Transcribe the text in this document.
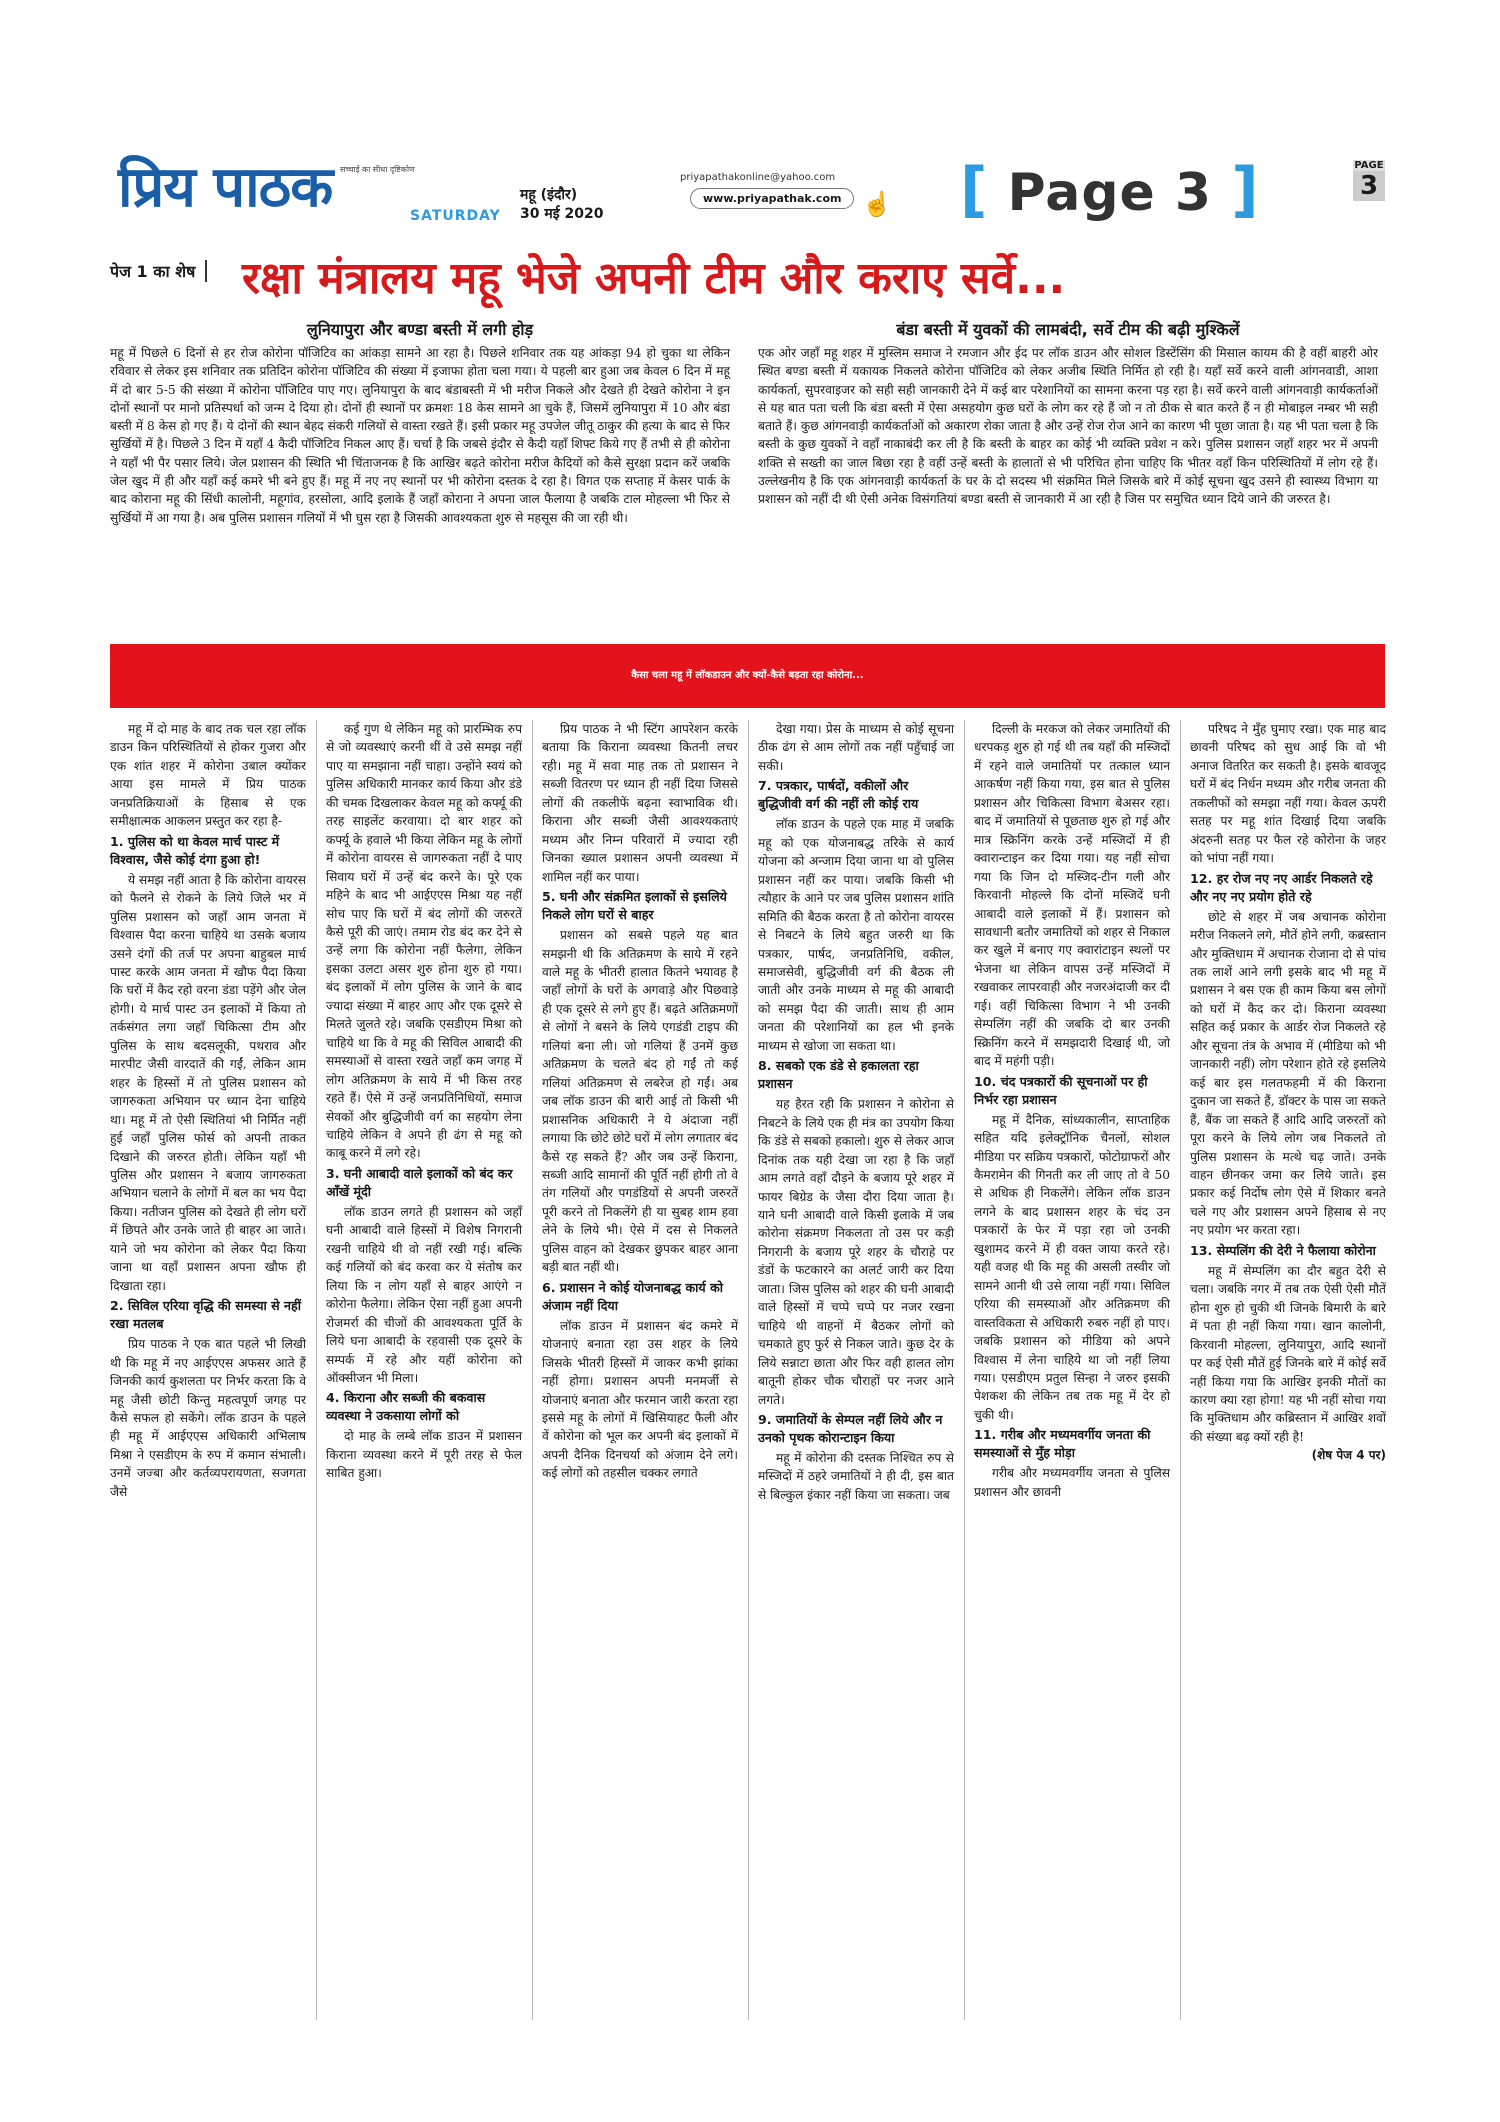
प्रिय पाठक सच्चाई का सीधा दृष्टिकोण
SATURDAY
महू (इंदौर)
30 मई 2020
priyapathakonline@yahoo.com
www.priyapathak.com ☝ [ Page 3 ]	PAGE
3
पेज 1 का शेष रक्षा मंत्रालय महू भेजे अपनी टीम और कराए सर्वे...
लुनियापुरा और बण्डा बस्ती में लगी होड़
महू में पिछले 6 दिनों से हर रोज कोरोना पॉजिटिव का आंकड़ा सामने आ रहा है। पिछले शनिवार तक यह आंकड़ा 94 हो चुका था लेकिन रविवार से लेकर इस शनिवार तक प्रतिदिन कोरोना पॉजिटिव की संख्या में इजाफा होता चला गया। ये पहली बार हुआ जब केवल 6 दिन में महू में दो बार 5-5 की संख्या में कोरोना पॉजिटिव पाए गए। लुनियापुरा के बाद बंडाबस्ती में भी मरीज निकले और देखते ही देखते कोरोना ने इन दोनों स्थानों पर मानो प्रतिस्पर्धा को जन्म दे दिया हो। दोनों ही स्थानों पर क्रमशः 18 केस सामने आ चुके हैं, जिसमें लुनियापुरा में 10 और बंडा बस्ती में 8 केस हो गए हैं। ये दोनों की स्थान बेहद संकरी गलियों से वास्ता रखते हैं। इसी प्रकार महू उपजेल जीतू ठाकुर की हत्या के बाद से फिर सुर्खियों में है। पिछले 3 दिन में यहाँ 4 कैदी पॉजिटिव निकल आए हैं। चर्चा है कि जबसे इंदौर से कैदी यहाँ शिफ्ट किये गए हैं तभी से ही कोरोना ने यहाँ भी पैर पसार लिये। जेल प्रशासन की स्थिति भी चिंताजनक है कि आखिर बढ़ते कोरोना मरीज कैदियों को कैसे सुरक्षा प्रदान करें जबकि जेल खुद में ही और यहाँ कई कमरे भी बने हुए हैं। महू में नए नए स्थानों पर भी कोरोना दस्तक दे रहा है। विगत एक सप्ताह में केसर पार्क के बाद कोराना महू की सिंधी कालोनी, महूगांव, हरसोला, आदि इलाके हैं जहाँ कोराना ने अपना जाल फैलाया है जबकि टाल मोहल्ला भी फिर से सुर्खियों में आ गया है। अब पुलिस प्रशासन गलियों में भी घुस रहा है जिसकी आवश्यकता शुरु से महसूस की जा रही थी।
बंडा बस्ती में युवकों की लामबंदी, सर्वे टीम की बढ़ी मुश्किलें
एक ओर जहाँ महू शहर में मुस्लिम समाज ने रमजान और ईद पर लॉक डाउन और सोशल डिस्टेंसिंग की मिसाल कायम की है वहीं बाहरी ओर स्थित बण्डा बस्ती में यकायक निकलते कोरोना पॉजिटिव को लेकर अजीब स्थिति निर्मित हो रही है। यहाँ सर्वे करने वाली आंगनवाडी, आशा कार्यकर्ता, सुपरवाइजर को सही सही जानकारी देने में कई बार परेशानियों का सामना करना पड़ रहा है। सर्वे करने वाली आंगनवाड़ी कार्यकर्ताओं से यह बात पता चली कि बंडा बस्ती में ऐसा असहयोग कुछ घरों के लोग कर रहे हैं जो न तो ठीक से बात करते हैं न ही मोबाइल नम्बर भी सही बताते हैं। कुछ आंगनवाड़ी कार्यकर्ताओं को अकारण रोका जाता है और उन्हें रोज रोज आने का कारण भी पूछा जाता है। यह भी पता चला है कि बस्ती के कुछ युवकों ने वहाँ नाकाबंदी कर ली है कि बस्ती के बाहर का कोई भी व्यक्ति प्रवेश न करे। पुलिस प्रशासन जहाँ शहर भर में अपनी शक्ति से सख्ती का जाल बिछा रहा है वहीं उन्हें बस्ती के हालातों से भी परिचित होना चाहिए कि भीतर वहाँ किन परिस्थितियों में लोग रहे हैं। उल्लेखनीय है कि एक आंगनवाड़ी कार्यकर्ता के घर के दो सदस्य भी संक्रमित मिले जिसके बारे में कोई सूचना खुद उसने ही स्वास्थ्य विभाग या प्रशासन को नहीं दी थी ऐसी अनेक विसंगतियां बण्डा बस्ती से जानकारी में आ रही है जिस पर समुचित ध्यान दिये जाने की जरुरत है।
कैसा चला महू में लॉकडाउन और क्यों-कैसे बढ़ता रहा कोरोना...

महू में दो माह के बाद तक चल रहा लॉक डाउन किन परिस्थितियों से होकर गुजरा और एक शांत शहर में कोरोना उबाल क्योंकर आया इस मामले में प्रिय पाठक जनप्रतिक्रियाओं के हिसाब से एक समीक्षात्मक आकलन प्रस्तुत कर रहा है-

1. पुलिस को था केवल मार्च पास्ट में विश्वास, जैसे कोई दंगा हुआ हो!

ये समझ नहीं आता है कि कोरोना वायरस को फैलने से रोकने के लिये जिले भर में पुलिस प्रशासन को जहाँ आम जनता में विश्वास पैदा करना चाहिये था उसके बजाय उसने दंगों की तर्ज पर अपना बाहुबल मार्च पास्ट करके आम जनता में खौफ पैदा किया कि घरों में कैद रहो वरना डंडा पड़ेंगे और जेल होगी। ये मार्च पास्ट उन इलाकों में किया तो तर्कसंगत लगा जहाँ चिकित्सा टीम और पुलिस के साथ बदसलूकी, पथराव और मारपीट जैसी वारदातें की गईं, लेकिन आम शहर के हिस्सों में तो पुलिस प्रशासन को जागरुकता अभियान पर ध्यान देना चाहिये था। महू में तो ऐसी स्थितियां भी निर्मित नहीं हुई जहाँ पुलिस फोर्स को अपनी ताकत दिखाने की जरुरत होती। लेकिन यहाँ भी पुलिस और प्रशासन ने बजाय जागरुकता अभियान चलाने के लोगों में बल का भय पैदा किया। नतीजन पुलिस को देखते ही लोग घरों में छिपते और उनके जाते ही बाहर आ जाते। याने जो भय कोरोना को लेकर पैदा किया जाना था वहाँ प्रशासन अपना खौफ ही दिखाता रहा।

2. सिविल एरिया वृद्धि की समस्या से नहीं रखा मतलब

प्रिय पाठक ने एक बात पहले भी लिखी थी कि महू में नए आईएएस अफसर आते हैं जिनकी कार्य कुशलता पर निर्भर करता कि वे महू जैसी छोटी किन्तु महत्वपूर्ण जगह पर कैसे सफल हो सकेंगे। लॉक डाउन के पहले ही महू में आईएएस अधिकारी अभिलाष मिश्रा ने एसडीएम के रुप में कमान संभाली। उनमें जज्बा और कर्तव्यपरायणता, सजगता जैसे

कई गुण थे लेकिन महू को प्रारम्भिक रुप से जो व्यवस्थाएं करनी थीं वे उसे समझ नहीं पाए या समझाना नहीं चाहा। उन्होंने स्वयं को पुलिस अधिकारी मानकर कार्य किया और डंडे की चमक दिखलाकर केवल महू को कर्फ्यू की तरह साइलेंट करवाया। दो बार शहर को कर्फ्यू के हवाले भी किया लेकिन महू के लोगों में कोरोना वायरस से जागरुकता नहीं दे पाए सिवाय घरों में उन्हें बंद करने के। पूरे एक महिने के बाद भी आईएएस मिश्रा यह नहीं सोच पाए कि घरों में बंद लोगों की जरुरतें कैसे पूरी की जाएं। तमाम रोड बंद कर देने से उन्हें लगा कि कोरोना नहीं फैलेगा, लेकिन इसका उलटा असर शुरु होना शुरु हो गया। बंद इलाकों में लोग पुलिस के जाने के बाद ज्यादा संख्या में बाहर आए और एक दूसरे से मिलते जुलते रहे। जबकि एसडीएम मिश्रा को चाहिये था कि वे महू की सिविल आबादी की समस्याओं से वास्ता रखते जहाँ कम जगह में लोग अतिक्रमण के साये में भी किस तरह रहते हैं। ऐसे में उन्हें जनप्रतिनिधियों, समाज सेवकों और बुद्धिजीवी वर्ग का सहयोग लेना चाहिये लेकिन वे अपने ही ढंग से महू को काबू करने में लगे रहे।

3. घनी आबादी वाले इलाकों को बंद कर आँखें मूंदी

लॉक डाउन लगते ही प्रशासन को जहाँ घनी आबादी वाले हिस्सों में विशेष निगरानी रखनी चाहिये थी वो नहीं रखी गई। बल्कि कई गलियों को बंद करवा कर ये संतोष कर लिया कि न लोग यहाँ से बाहर आएंगे न कोरोना फैलेगा। लेकिन ऐसा नहीं हुआ अपनी रोजमर्रा की चीजों की आवश्यकता पूर्ति के लिये घना आबादी के रहवासी एक दूसरे के सम्पर्क में रहे और यहीं कोरोना को ऑक्सीजन भी मिला।

4. किराना और सब्जी की बकवास व्यवस्था ने उकसाया लोगों को

दो माह के लम्बे लॉक डाउन में प्रशासन किराना व्यवस्था करने में पूरी तरह से फेल साबित हुआ।

प्रिय पाठक ने भी स्टिंग आपरेशन करके बताया कि किराना व्यवस्था कितनी लचर रही। महू में सवा माह तक तो प्रशासन ने सब्जी वितरण पर ध्यान ही नहीं दिया जिससे लोगों की तकलीफें बढ़ना स्वाभाविक थी। किराना और सब्जी जैसी आवश्यकताएं मध्यम और निम्न परिवारों में ज्यादा रही जिनका ख्याल प्रशासन अपनी व्यवस्था में शामिल नहीं कर पाया।

5. घनी और संक्रमित इलाकों से इसलिये निकले लोग घरों से बाहर

प्रशासन को सबसे पहले यह बात समझनी थी कि अतिक्रमण के साये में रहने वाले महू के भीतरी हालात कितने भयावह है जहाँ लोगों के घरों के अगवाड़े और पिछवाड़े ही एक दूसरे से लगे हुए हैं। बढ़ते अतिक्रमणों से लोगों ने बसने के लिये एगडंडी टाइप की गलियां बना ली। जो गलियां हैं उनमें कुछ अतिक्रमण के चलते बंद हो गईं तो कई गलियां अतिक्रमण से लबरेज हो गईं। अब जब लॉक डाउन की बारी आई तो किसी भी प्रशासनिक अधिकारी ने ये अंदाजा नहीं लगाया कि छोटे छोटे घरों में लोग लगातार बंद कैसे रह सकते हैं? और जब उन्हें किराना, सब्जी आदि सामानों की पूर्ति नहीं होगी तो वे तंग गलियों और पगडंडियों से अपनी जरुरतें पूरी करने तो निकलेंगे ही या सुबह शाम हवा लेने के लिये भी। ऐसे में दस से निकलते पुलिस वाहन को देखकर छुपकर बाहर आना बड़ी बात नहीं थी।

6. प्रशासन ने कोई योजनाबद्ध कार्य को अंजाम नहीं दिया

लॉक डाउन में प्रशासन बंद कमरे में योजनाएं बनाता रहा उस शहर के लिये जिसके भीतरी हिस्सों में जाकर कभी झांका नहीं होगा। प्रशासन अपनी मनमर्जी से योजनाएं बनाता और फरमान जारी करता रहा इससे महू के लोगों में खिसियाहट फैली और वें कोरोना को भूल कर अपनी बंद इलाकों में अपनी दैनिक दिनचर्या को अंजाम देने लगे। कई लोगों को तहसील चक्कर लगाते

देखा गया। प्रेस के माध्यम से कोई सूचना ठीक ढंग से आम लोगों तक नहीं पहुँचाई जा सकी।

7. पत्रकार, पार्षदों, वकीलों और बुद्धिजीवी वर्ग की नहीं ली कोई राय

लॉक डाउन के पहले एक माह में जबकि महू को एक योजनाबद्ध तरिके से कार्य योजना को अन्जाम दिया जाना था वो पुलिस प्रशासन नहीं कर पाया। जबकि किसी भी त्यौहार के आने पर जब पुलिस प्रशासन शांति समिति की बैठक करता है तो कोरोना वायरस से निबटने के लिये बहुत जरुरी था कि पत्रकार, पार्षद, जनप्रतिनिधि, वकील, समाजसेवी, बुद्धिजीवी वर्ग की बैठक ली जाती और उनके माध्यम से महू की आबादी को समझ पैदा की जाती। साथ ही आम जनता की परेशानियों का हल भी इनके माध्यम से खोजा जा सकता था।

8. सबको एक डंडे से हकालता रहा प्रशासन

यह हैरत रही कि प्रशासन ने कोरोना से निबटने के लिये एक ही मंत्र का उपयोग किया कि डंडे से सबको हकालो। शुरु से लेकर आज दिनांक तक यही देखा जा रहा है कि जहाँ आम लगते वहाँ दौड़ने के बजाय पूरे शहर में फायर बिग्रेड के जैसा दौरा दिया जाता है। याने घनी आबादी वाले किसी इलाके में जब कोरोना संक्रमण निकलता तो उस पर कड़ी निगरानी के बजाय पूरे शहर के चौराहे पर डंडों के फटकारने का अलर्ट जारी कर दिया जाता। जिस पुलिस को शहर की घनी आबादी वाले हिस्सों में चप्पे चप्पे पर नजर रखना चाहिये थी वाहनों में बैठकर लोगों को चमकाते हुए फुर्र से निकल जाते। कुछ देर के लिये सन्नाटा छाता और फिर वही हालत लोग बातूनी होकर चौक चौराहों पर नजर आने लगते।

9. जमातियों के सेम्पल नहीं लिये और न उनको पृथक कोरान्टाइन किया

महू में कोरोना की दस्तक निश्चित रुप से मस्जिदों में ठहरे जमातियों ने ही दी, इस बात से बिल्कुल इंकार नहीं किया जा सकता। जब

दिल्ली के मरकज को लेकर जमातियों की धरपकड़ शुरु हो गई थी तब यहाँ की मस्जिदों में रहने वाले जमातियों पर तत्काल ध्यान आकर्षण नहीं किया गया, इस बात से पुलिस प्रशासन और चिकित्सा विभाग बेअसर रहा। बाद में जमातियों से पूछताछ शुरु हो गई और मात्र स्क्रिनिंग करके उन्हें मस्जिदों में ही क्वारान्टाइन कर दिया गया। यह नहीं सोचा गया कि जिन दो मस्जिद-टीन गली और किरवानी मोहल्ले कि दोनों मस्जिदें घनी आबादी वाले इलाकों में हैं। प्रशासन को सावधानी बतौर जमातियों को शहर से निकाल कर खुले में बनाए गए क्वारांटाइन स्थलों पर भेजना था लेकिन वापस उन्हें मस्जिदों में रखवाकर लापरवाही और नजरअंदाजी कर दी गई। वहीं चिकित्सा विभाग ने भी उनकी सेम्पलिंग नहीं की जबकि दो बार उनकी स्क्रिनिंग करने में समझदारी दिखाई थी, जो बाद में महंगी पड़ी।

10. चंद पत्रकारों की सूचनाओं पर ही निर्भर रहा प्रशासन

महू में दैनिक, सांध्यकालीन, साप्ताहिक सहित यदि इलेक्ट्रॉनिक चैनलों, सोशल मीडिया पर सक्रिय पत्रकारों, फोटोग्राफरों और कैमरामेन की गिनती कर ली जाए तो वे 50 से अधिक ही निकलेंगे। लेकिन लॉक डाउन लगने के बाद प्रशासन शहर के चंद उन पत्रकारों के फेर में पड़ा रहा जो उनकी खुशामद करने में ही वक्त जाया करते रहे। यही वजह थी कि महू की असली तस्वीर जो सामने आनी थी उसे लाया नहीं गया। सिविल एरिया की समस्याओं और अतिक्रमण की वास्तविकता से अधिकारी रुबरु नहीं हो पाए। जबकि प्रशासन को मीडिया को अपने विश्वास में लेना चाहिये था जो नहीं लिया गया। एसडीएम प्रतुल सिन्हा ने जरुर इसकी पेशकश की लेकिन तब तक महू में देर हो चुकी थी।

11. गरीब और मध्यमवर्गीय जनता की समस्याओं से मुँह मोड़ा

गरीब और मध्यमवर्गीय जनता से पुलिस प्रशासन और छावनी

परिषद ने मुँह घुमाए रखा। एक माह बाद छावनी परिषद को सुध आई कि वो भी अनाज वितरित कर सकती है। इसके बावजूद घरों में बंद निर्धन मध्यम और गरीब जनता की तकलीफों को समझा नहीं गया। केवल ऊपरी सतह पर महू शांत दिखाई दिया जबकि अंदरुनी सतह पर फैल रहे कोरोना के जहर को भांपा नहीं गया।

12. हर रोज नए नए आर्डर निकलते रहे और नए नए प्रयोग होते रहे

छोटे से शहर में जब अचानक कोरोना मरीज निकलने लगे, मौतें होने लगी, कब्रस्तान और मुक्तिधाम में अचानक रोजाना दो से पांच तक लाशें आने लगी इसके बाद भी महू में प्रशासन ने बस एक ही काम किया बस लोगों को घरों में कैद कर दो। किराना व्यवस्था सहित कई प्रकार के आर्डर रोज निकलते रहे और सूचना तंत्र के अभाव में (मीडिया को भी जानकारी नहीं) लोग परेशान होते रहे इसलिये कई बार इस गलतफहमी में की किराना दुकान जा सकते हैं, डॉक्टर के पास जा सकते हैं, बैंक जा सकते हैं आदि आदि जरुरतों को पूरा करने के लिये लोग जब निकलते तो पुलिस प्रशासन के मत्थे चढ़ जाते। उनके वाहन छीनकर जमा कर लिये जाते। इस प्रकार कई निर्दोष लोग ऐसे में शिकार बनते चले गए और प्रशासन अपने हिसाब से नए नए प्रयोग भर करता रहा।

13. सेम्पलिंग की देरी ने फैलाया कोरोना

महू में सेम्पलिंग का दौर बहुत देरी से चला। जबकि नगर में तब तक ऐसी ऐसी मौतें होना शुरु हो चुकी थी जिनके बिमारी के बारे में पता ही नहीं किया गया। खान कालोनी, किरवानी मोहल्ला, लुनियापुरा, आदि स्थानों पर कई ऐसी मौतें हुई जिनके बारे में कोई सर्वे नहीं किया गया कि आखिर इनकी मौतों का कारण क्या रहा होगा! यह भी नहीं सोचा गया कि मुक्तिधाम और कब्रिस्तान में आखिर शवों की संख्या बढ़ क्यों रही है!

(शेष पेज 4 पर)
